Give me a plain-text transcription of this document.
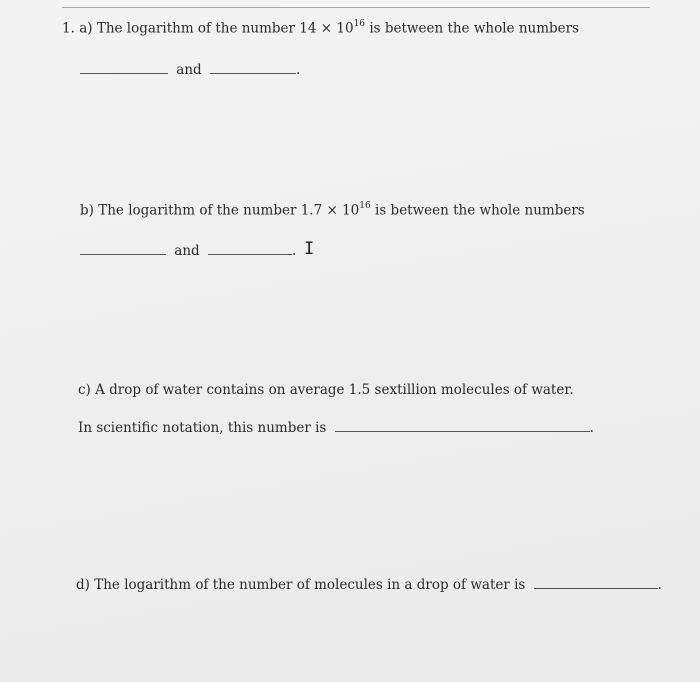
1. a) The logarithm of the number $14 \times 10^{16}$ is between the whole numbers
and	.
b) The logarithm of the number $1.7 \times 10^{16}$ is between the whole numbers
and	. I
c) A drop of water contains on average 1.5 sextillion molecules of water.
In scientific notation, this number is	.
d) The logarithm of the number of molecules in a drop of water is	.
